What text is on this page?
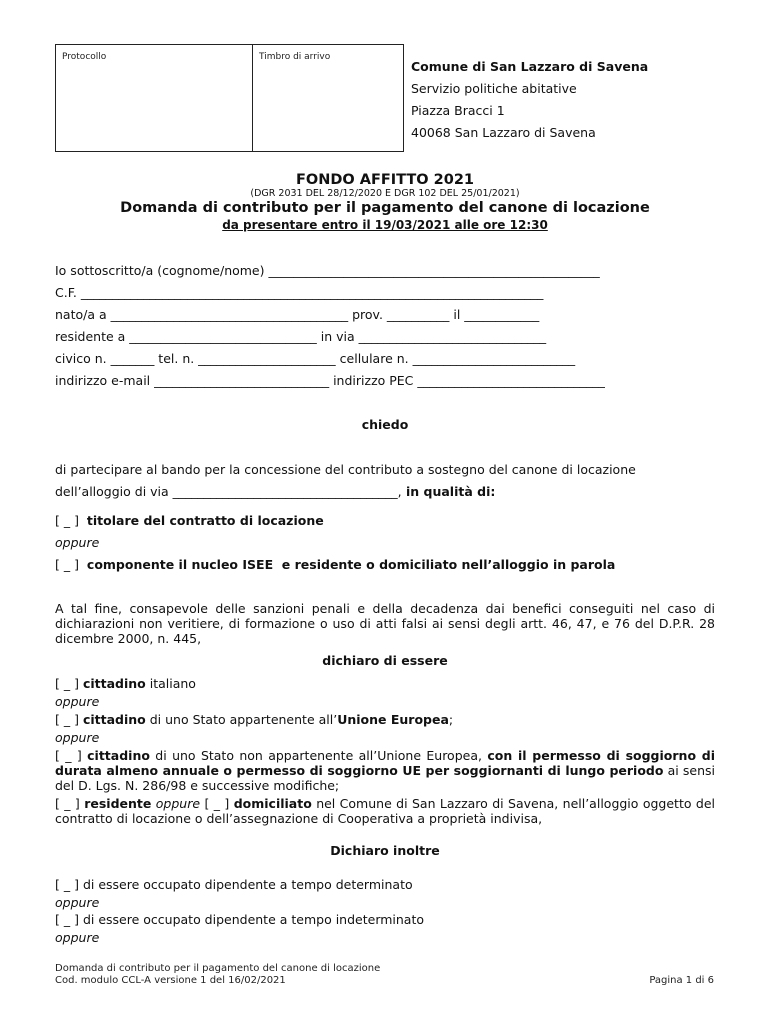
Protocollo	Timbro di arrivo
Comune di San Lazzaro di Savena
Servizio politiche abitative
Piazza Bracci 1
40068 San Lazzaro di Savena
FONDO AFFITTO 2021
(DGR 2031 DEL 28/12/2020 E DGR 102 DEL 25/01/2021)
Domanda di contributo per il pagamento del canone di locazione
da presentare entro il 19/03/2021 alle ore 12:30
Io sottoscritto/a (cognome/nome) _____________________________________________________
C.F. __________________________________________________________________________
nato/a a ______________________________________ prov. __________ il ____________
residente a ______________________________ in via ______________________________
civico n. _______ tel. n. ______________________ cellulare n. __________________________
indirizzo e-mail ____________________________ indirizzo PEC ______________________________
chiedo
di partecipare al bando per la concessione del contributo a sostegno del canone di locazione
dell’alloggio di via ____________________________________, in qualità di:
[ _ ] titolare del contratto di locazione
oppure
[ _ ] componente il nucleo ISEE  e residente o domiciliato nell’alloggio in parola
A tal fine, consapevole delle sanzioni penali e della decadenza dai benefici conseguiti nel caso di dichiarazioni non veritiere, di formazione o uso di atti falsi ai sensi degli artt. 46, 47, e 76 del D.P.R. 28 dicembre 2000, n. 445,
dichiaro di essere
[ _ ] cittadino italiano
oppure
[ _ ] cittadino di uno Stato appartenente all’Unione Europea;
oppure
[ _ ] cittadino di uno Stato non appartenente all’Unione Europea, con il permesso di soggiorno di durata almeno annuale o permesso di soggiorno UE per soggiornanti di lungo periodo ai sensi del D. Lgs. N. 286/98 e successive modifiche;
[ _ ] residente oppure [ _ ] domiciliato nel Comune di San Lazzaro di Savena, nell’alloggio oggetto del contratto di locazione o dell’assegnazione di Cooperativa a proprietà indivisa,
Dichiaro inoltre
[ _ ] di essere occupato dipendente a tempo determinato
oppure
[ _ ] di essere occupato dipendente a tempo indeterminato
oppure
Domanda di contributo per il pagamento del canone di locazione
Cod. modulo CCL-A versione 1 del 16/02/2021	Pagina 1 di 6
